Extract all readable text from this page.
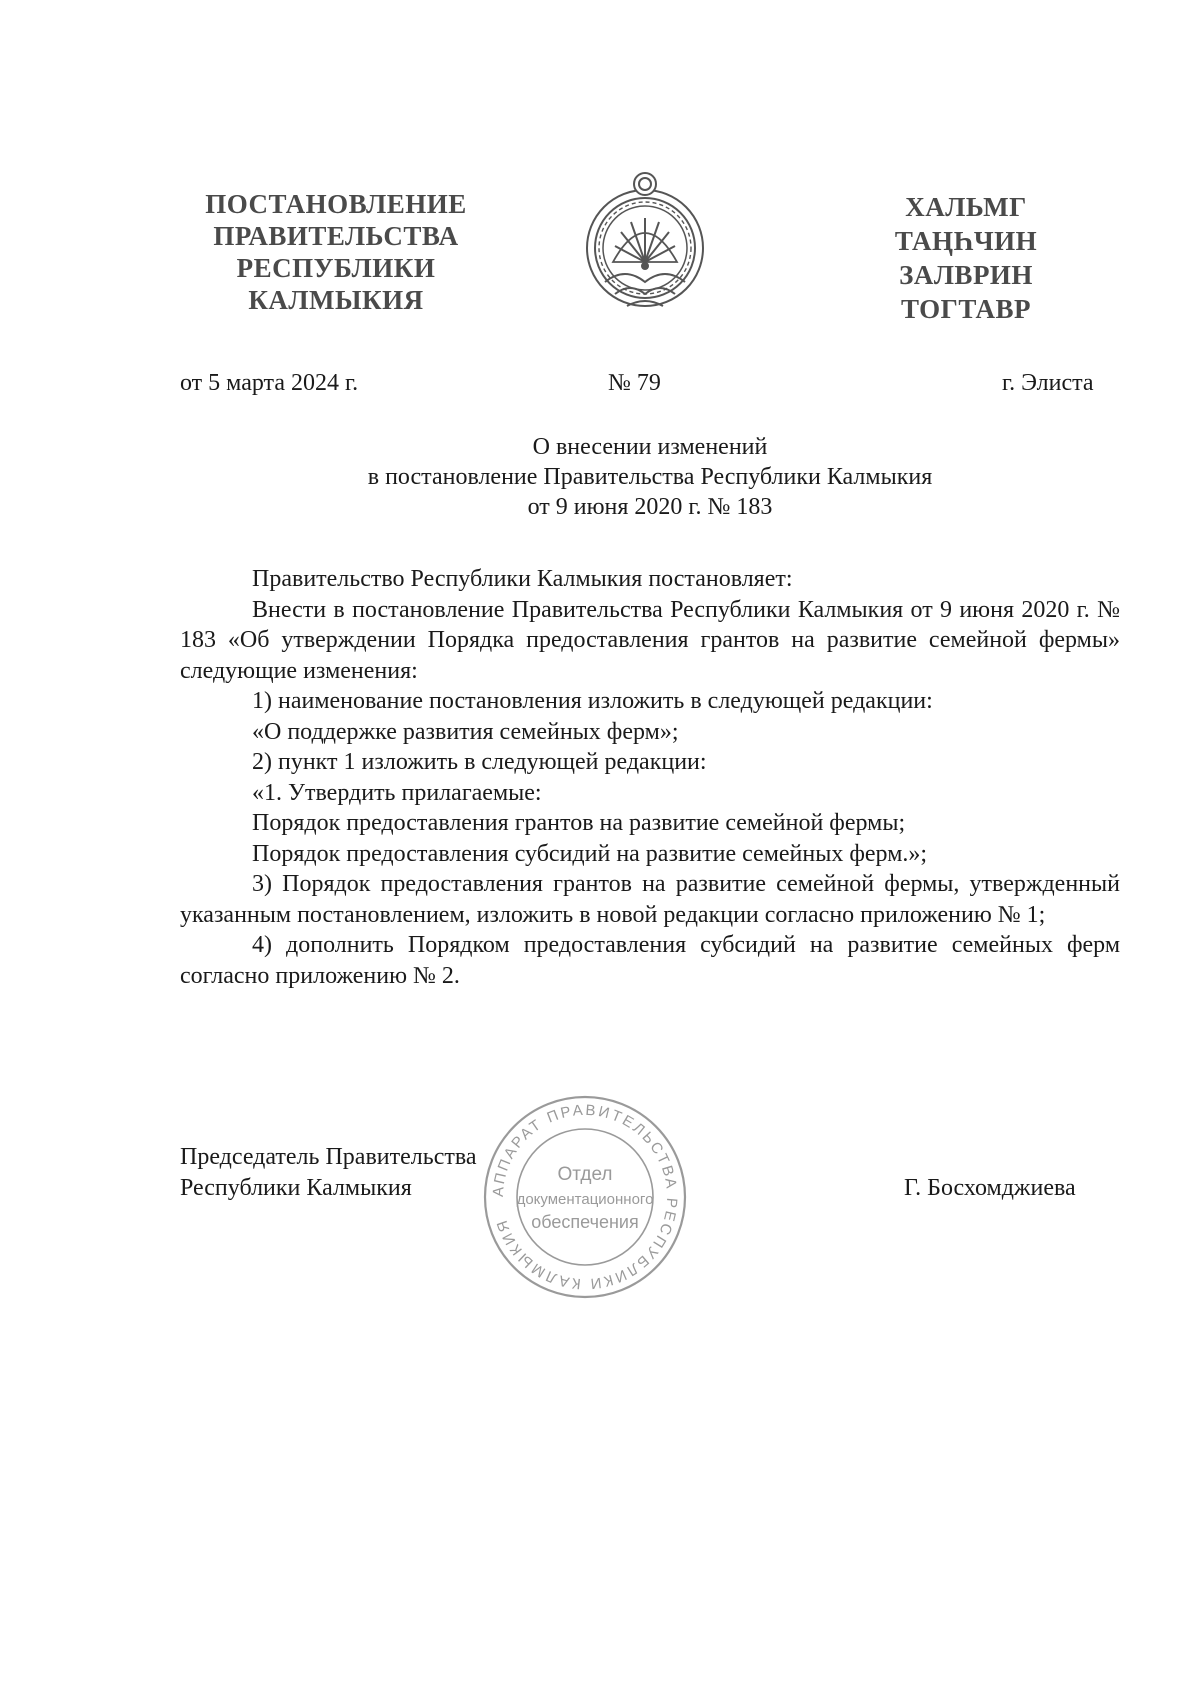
ПОСТАНОВЛЕНИЕ
ПРАВИТЕЛЬСТВА
РЕСПУБЛИКИ
КАЛМЫКИЯ
ХАЛЬМГ
ТАҢҺЧИН
ЗАЛВРИН
ТОГТАВР
от 5 марта 2024 г.	№ 79	г. Элиста
О внесении изменений
в постановление Правительства Республики Калмыкия
от 9 июня 2020 г. № 183

Правительство Республики Калмыкия постановляет:

Внести в постановление Правительства Республики Калмыкия от 9 июня 2020 г. № 183 «Об утверждении Порядка предоставления грантов на развитие семейной фермы» следующие изменения:

1) наименование постановления изложить в следующей редакции:

«О поддержке развития семейных ферм»;

2) пункт 1 изложить в следующей редакции:

«1. Утвердить прилагаемые:

Порядок предоставления грантов на развитие семейной фермы;

Порядок предоставления субсидий на развитие семейных ферм.»;

3) Порядок предоставления грантов на развитие семейной фермы, утвержденный указанным постановлением, изложить в новой редакции согласно приложению № 1;

4) дополнить Порядком предоставления субсидий на развитие семейных ферм согласно приложению № 2.

Председатель Правительства
Республики Калмыкия	АППАРАТ ПРАВИТЕЛЬСТВА РЕСПУБЛИКИ КАЛМЫКИЯ
Отдел
документационного
обеспечения
Г. Босхомджиева
